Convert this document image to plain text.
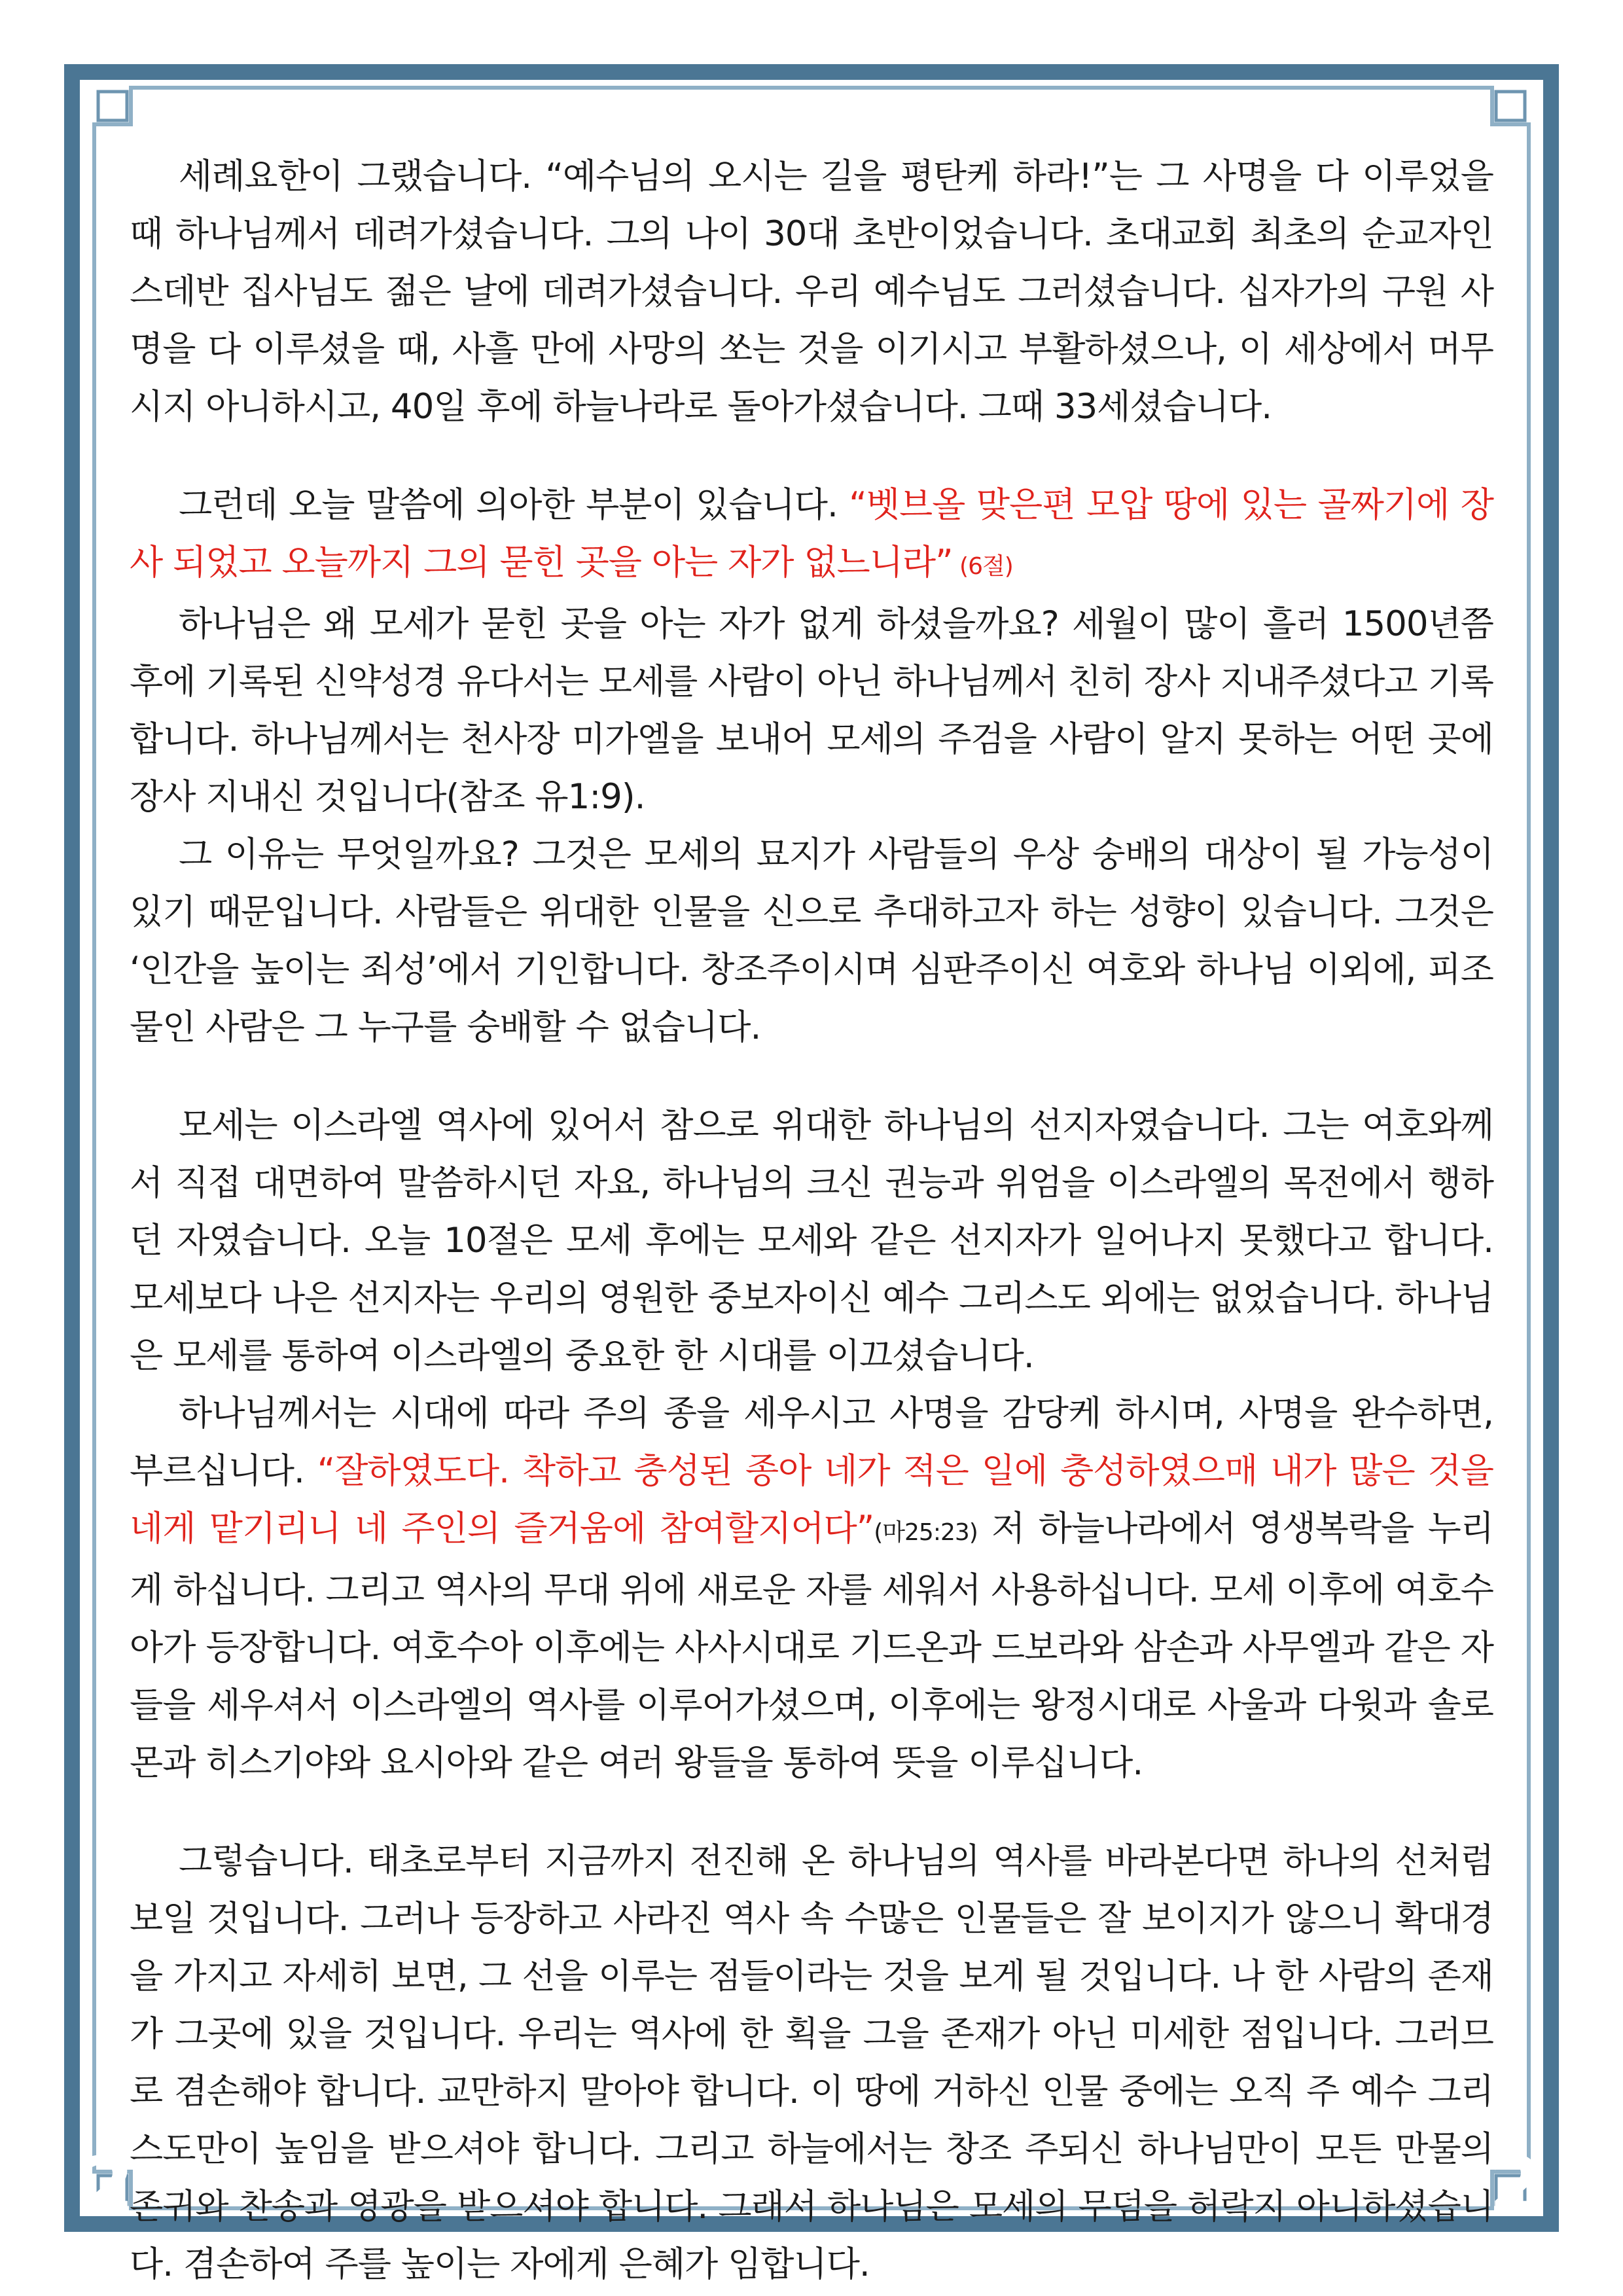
2	2

세례요한이 그랬습니다. “예수님의 오시는 길을 평탄케 하라!”는 그 사명을 다 이루었을 때 하나님께서 데려가셨습니다. 그의 나이 30대 초반이었습니다. 초대교회 최초의 순교자인 스데반 집사님도 젊은 날에 데려가셨습니다. 우리 예수님도 그러셨습니다. 십자가의 구원 사명을 다 이루셨을 때, 사흘 만에 사망의 쏘는 것을 이기시고 부활하셨으나, 이 세상에서 머무시지 아니하시고, 40일 후에 하늘나라로 돌아가셨습니다. 그때 33세셨습니다.

그런데 오늘 말씀에 의아한 부분이 있습니다. “벳브올 맞은편 모압 땅에 있는 골짜기에 장사 되었고 오늘까지 그의 묻힌 곳을 아는 자가 없느니라” (6절)

하나님은 왜 모세가 묻힌 곳을 아는 자가 없게 하셨을까요? 세월이 많이 흘러 1500년쯤 후에 기록된 신약성경 유다서는 모세를 사람이 아닌 하나님께서 친히 장사 지내주셨다고 기록합니다. 하나님께서는 천사장 미가엘을 보내어 모세의 주검을 사람이 알지 못하는 어떤 곳에 장사 지내신 것입니다(참조 유1:9).

그 이유는 무엇일까요? 그것은 모세의 묘지가 사람들의 우상 숭배의 대상이 될 가능성이 있기 때문입니다. 사람들은 위대한 인물을 신으로 추대하고자 하는 성향이 있습니다. 그것은 ‘인간을 높이는 죄성’에서 기인합니다. 창조주이시며 심판주이신 여호와 하나님 이외에, 피조물인 사람은 그 누구를 숭배할 수 없습니다.

모세는 이스라엘 역사에 있어서 참으로 위대한 하나님의 선지자였습니다. 그는 여호와께서 직접 대면하여 말씀하시던 자요, 하나님의 크신 권능과 위엄을 이스라엘의 목전에서 행하던 자였습니다. 오늘 10절은 모세 후에는 모세와 같은 선지자가 일어나지 못했다고 합니다. 모세보다 나은 선지자는 우리의 영원한 중보자이신 예수 그리스도 외에는 없었습니다. 하나님은 모세를 통하여 이스라엘의 중요한 한 시대를 이끄셨습니다.

하나님께서는 시대에 따라 주의 종을 세우시고 사명을 감당케 하시며, 사명을 완수하면, 부르십니다. “잘하였도다. 착하고 충성된 종아 네가 적은 일에 충성하였으매 내가 많은 것을 네게 맡기리니 네 주인의 즐거움에 참여할지어다”(마25:23) 저 하늘나라에서 영생복락을 누리게 하십니다. 그리고 역사의 무대 위에 새로운 자를 세워서 사용하십니다. 모세 이후에 여호수아가 등장합니다. 여호수아 이후에는 사사시대로 기드온과 드보라와 삼손과 사무엘과 같은 자들을 세우셔서 이스라엘의 역사를 이루어가셨으며, 이후에는 왕정시대로 사울과 다윗과 솔로몬과 히스기야와 요시아와 같은 여러 왕들을 통하여 뜻을 이루십니다.

그렇습니다. 태초로부터 지금까지 전진해 온 하나님의 역사를 바라본다면 하나의 선처럼 보일 것입니다. 그러나 등장하고 사라진 역사 속 수많은 인물들은 잘 보이지가 않으니 확대경을 가지고 자세히 보면, 그 선을 이루는 점들이라는 것을 보게 될 것입니다. 나 한 사람의 존재가 그곳에 있을 것입니다. 우리는 역사에 한 획을 그을 존재가 아닌 미세한 점입니다. 그러므로 겸손해야 합니다. 교만하지 말아야 합니다. 이 땅에 거하신 인물 중에는 오직 주 예수 그리스도만이 높임을 받으셔야 합니다. 그리고 하늘에서는 창조 주되신 하나님만이 모든 만물의 존귀와 찬송과 영광을 받으셔야 합니다. 그래서 하나님은 모세의 무덤을 허락지 아니하셨습니다. 겸손하여 주를 높이는 자에게 은혜가 임합니다.
